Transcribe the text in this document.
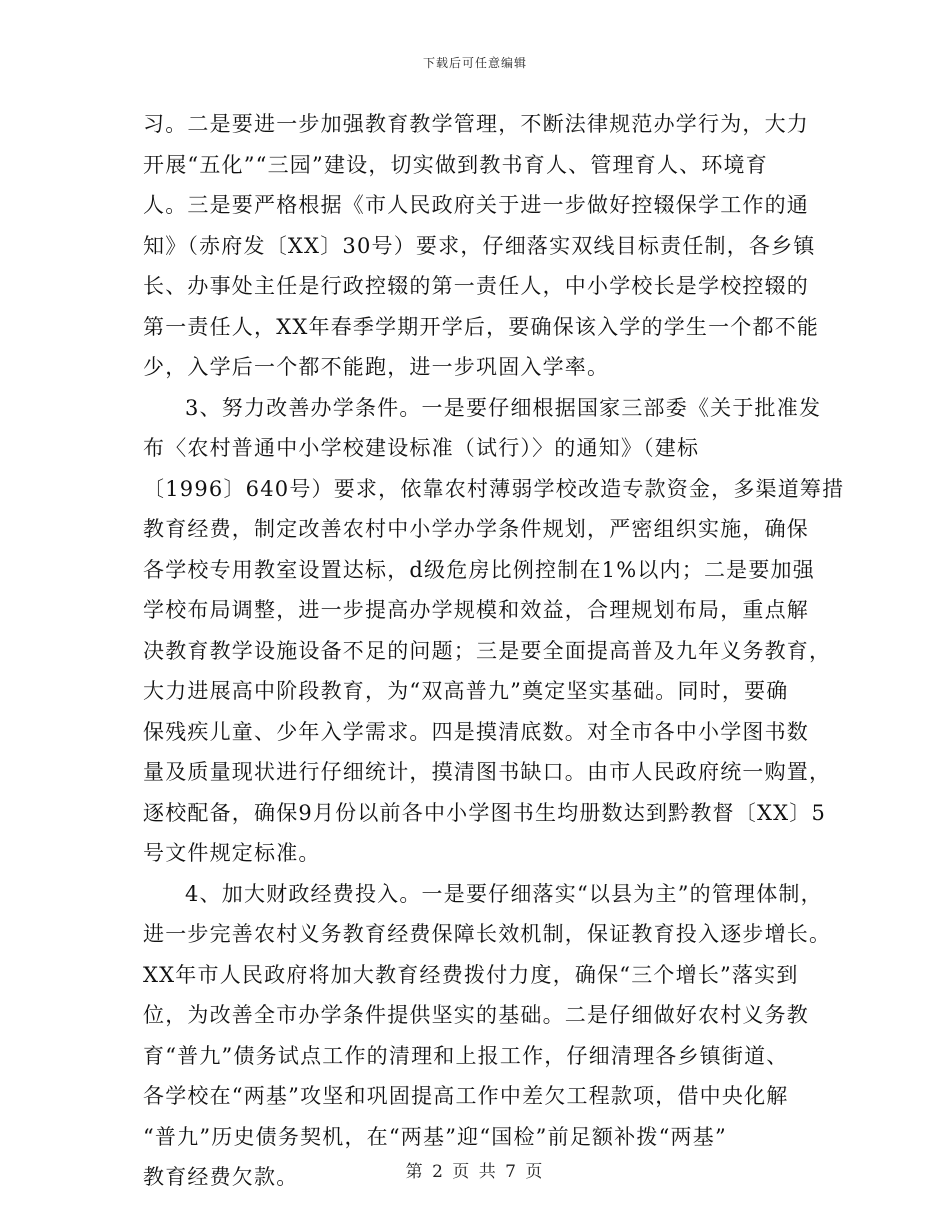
下载后可任意编辑
习。二是要进一步加强教育教学管理，不断法律规范办学行为，大力
开展“五化”“三园”建设，切实做到教书育人、管理育人、环境育
人。三是要严格根据《市人民政府关于进一步做好控辍保学工作的通
知》（赤府发〔XX〕30号）要求，仔细落实双线目标责任制，各乡镇
长、办事处主任是行政控辍的第一责任人，中小学校长是学校控辍的
第一责任人，XX年春季学期开学后，要确保该入学的学生一个都不能
少，入学后一个都不能跑，进一步巩固入学率。
3、努力改善办学条件。一是要仔细根据国家三部委《关于批准发
布〈农村普通中小学校建设标准（试行）〉的通知》（建标
〔1996〕640号）要求，依靠农村薄弱学校改造专款资金，多渠道筹措
教育经费，制定改善农村中小学办学条件规划，严密组织实施，确保
各学校专用教室设置达标，d级危房比例控制在1%以内；二是要加强
学校布局调整，进一步提高办学规模和效益，合理规划布局，重点解
决教育教学设施设备不足的问题；三是要全面提高普及九年义务教育，
大力进展高中阶段教育，为“双高普九”奠定坚实基础。同时，要确
保残疾儿童、少年入学需求。四是摸清底数。对全市各中小学图书数
量及质量现状进行仔细统计，摸清图书缺口。由市人民政府统一购置，
逐校配备，确保9月份以前各中小学图书生均册数达到黔教督〔XX〕5
号文件规定标准。
4、加大财政经费投入。一是要仔细落实“以县为主”的管理体制，
进一步完善农村义务教育经费保障长效机制，保证教育投入逐步增长。
XX年市人民政府将加大教育经费拨付力度，确保“三个增长”落实到
位，为改善全市办学条件提供坚实的基础。二是仔细做好农村义务教
育“普九”债务试点工作的清理和上报工作，仔细清理各乡镇街道、
各学校在“两基”攻坚和巩固提高工作中差欠工程款项，借中央化解
“普九”历史债务契机，在“两基”迎“国检”前足额补拨“两基”
教育经费欠款。	第 2 页 共 7 页
